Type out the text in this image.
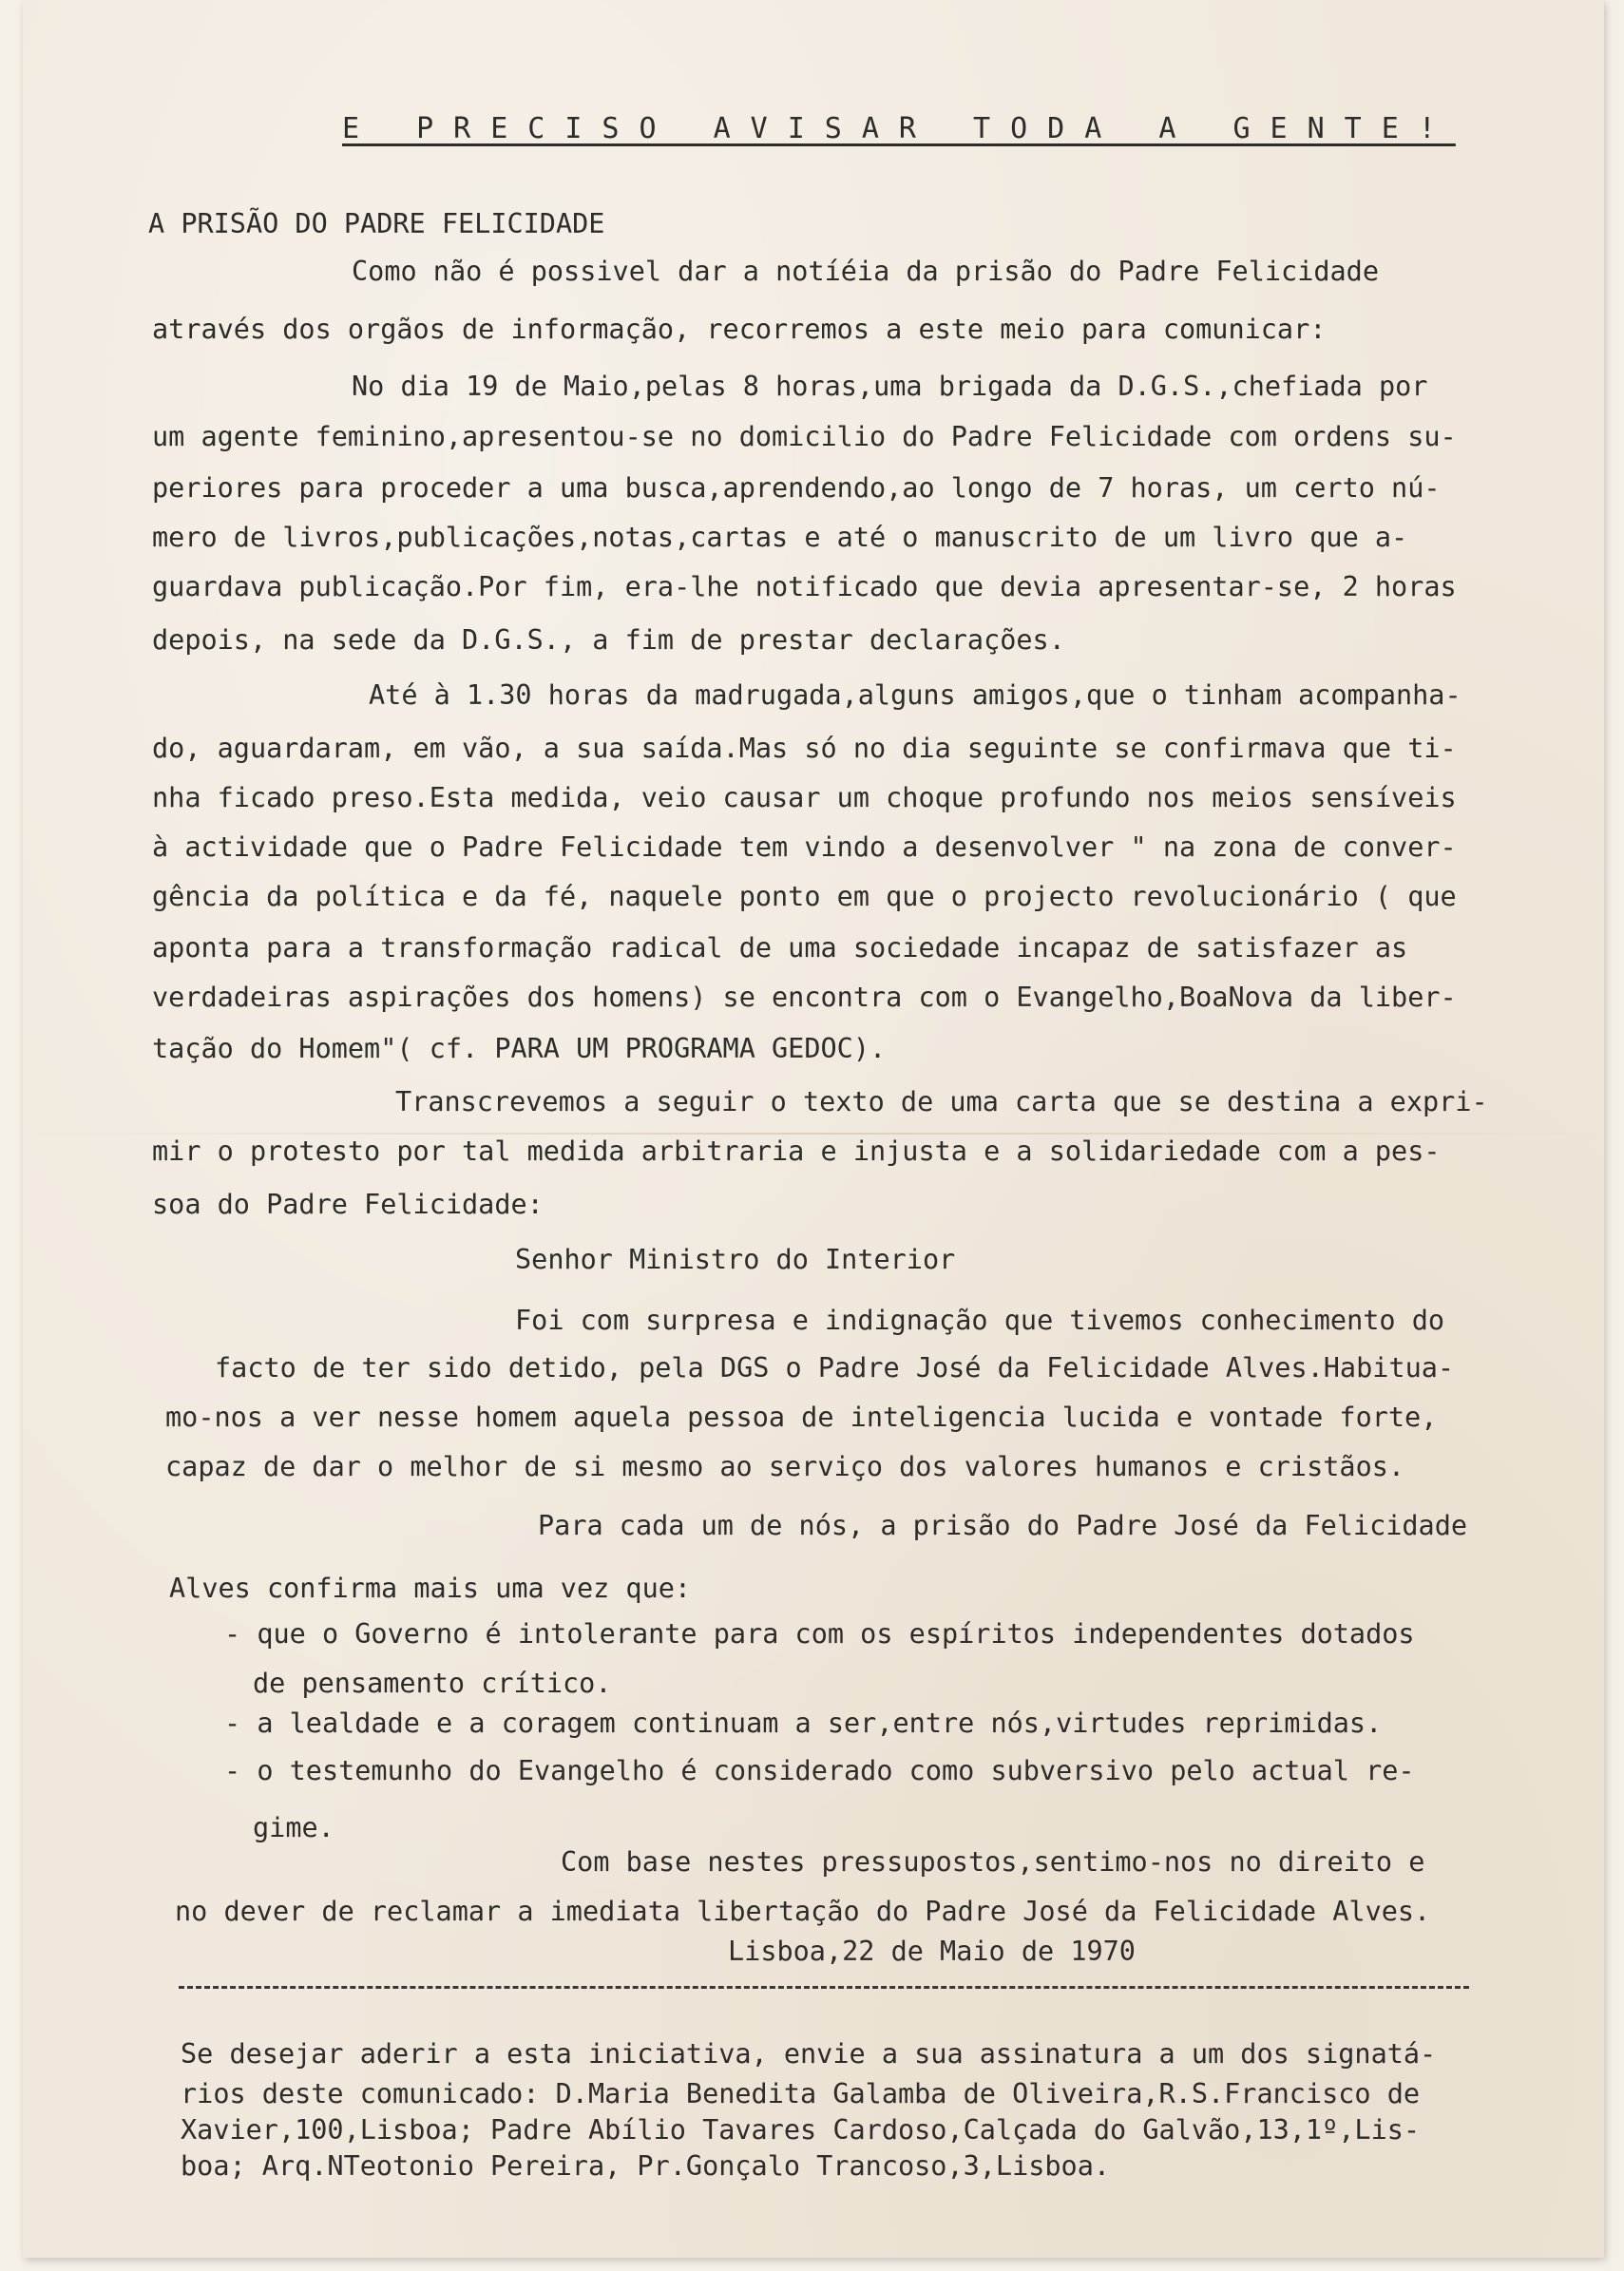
E PRECISO AVISAR TODA A GENTE!
A PRISÃO DO PADRE FELICIDADE
Como não é possivel dar a notíéia da prisão do Padre Felicidade
através dos orgãos de informação, recorremos a este meio para comunicar:
No dia 19 de Maio,pelas 8 horas,uma brigada da D.G.S.,chefiada por
um agente feminino,apresentou-se no domicilio do Padre Felicidade com ordens su-
periores para proceder a uma busca,aprendendo,ao longo de 7 horas, um certo nú-
mero de livros,publicações,notas,cartas e até o manuscrito de um livro que a-
guardava publicação.Por fim, era-lhe notificado que devia apresentar-se, 2 horas
depois, na sede da D.G.S., a fim de prestar declarações.
Até à 1.30 horas da madrugada,alguns amigos,que o tinham acompanha-
do, aguardaram, em vão, a sua saída.Mas só no dia seguinte se confirmava que ti-
nha ficado preso.Esta medida, veio causar um choque profundo nos meios sensíveis
à actividade que o Padre Felicidade tem vindo a desenvolver " na zona de conver-
gência da política e da fé, naquele ponto em que o projecto revolucionário ( que
aponta para a transformação radical de uma sociedade incapaz de satisfazer as
verdadeiras aspirações dos homens) se encontra com o Evangelho,BoaNova da liber-
tação do Homem"( cf. PARA UM PROGRAMA GEDOC).
Transcrevemos a seguir o texto de uma carta que se destina a expri-
mir o protesto por tal medida arbitraria e injusta e a solidariedade com a pes-
soa do Padre Felicidade:
Senhor Ministro do Interior
Foi com surpresa e indignação que tivemos conhecimento do
facto de ter sido detido, pela DGS o Padre José da Felicidade Alves.Habitua-
mo-nos a ver nesse homem aquela pessoa de inteligencia lucida e vontade forte,
capaz de dar o melhor de si mesmo ao serviço dos valores humanos e cristãos.
Para cada um de nós, a prisão do Padre José da Felicidade
Alves confirma mais uma vez que:
- que o Governo é intolerante para com os espíritos independentes dotados
de pensamento crítico.
- a lealdade e a coragem continuam a ser,entre nós,virtudes reprimidas.
- o testemunho do Evangelho é considerado como subversivo pelo actual re-
gime.
Com base nestes pressupostos,sentimo-nos no direito e
no dever de reclamar a imediata libertação do Padre José da Felicidade Alves.
Lisboa,22 de Maio de 1970
Se desejar aderir a esta iniciativa, envie a sua assinatura a um dos signatá-
rios deste comunicado: D.Maria Benedita Galamba de Oliveira,R.S.Francisco de
Xavier,100,Lisboa; Padre Abílio Tavares Cardoso,Calçada do Galvão,13,1º,Lis-
boa; Arq.NTeotonio Pereira, Pr.Gonçalo Trancoso,3,Lisboa.
